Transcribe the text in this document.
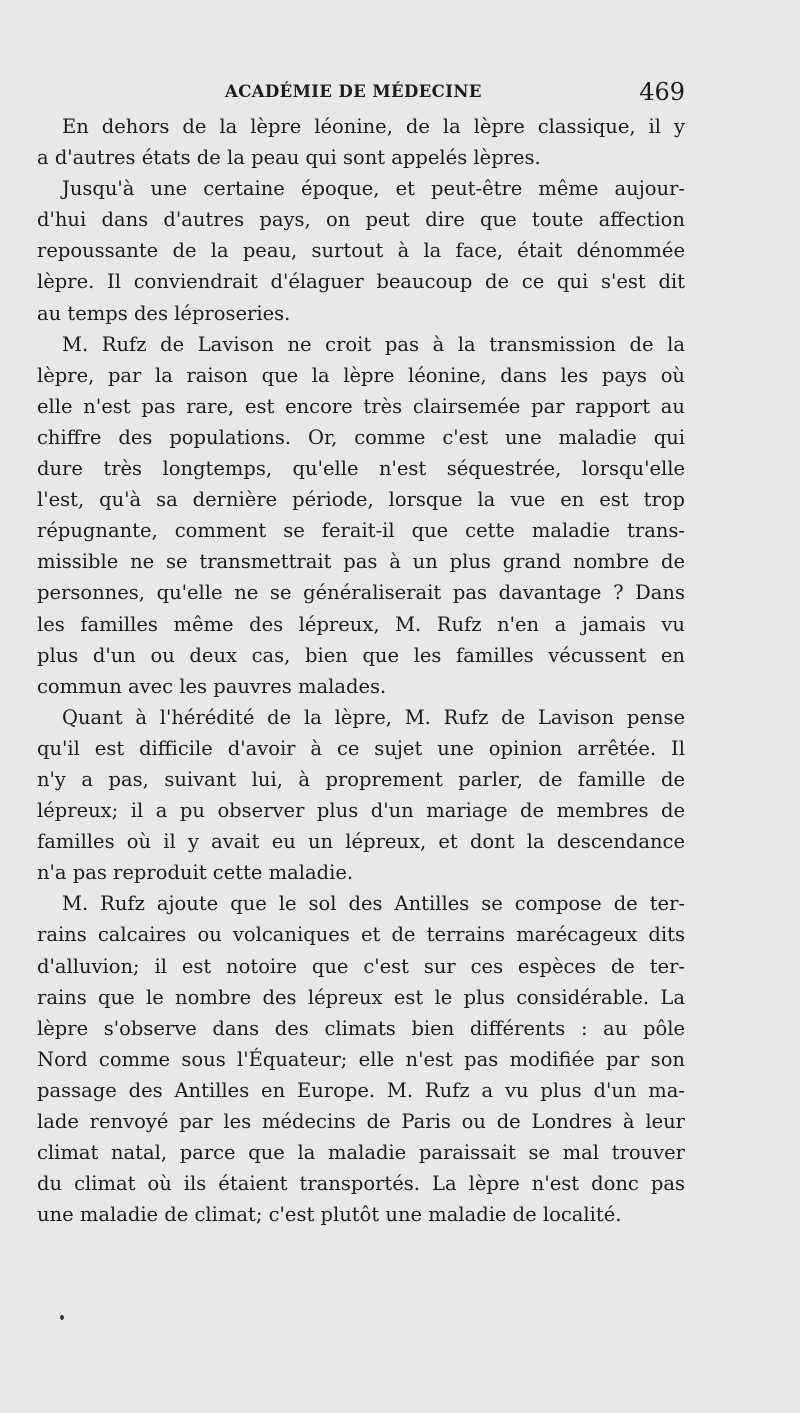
ACADÉMIE DE MÉDECINE	469
En dehors de la lèpre léonine, de la lèpre classique, il y
a d'autres états de la peau qui sont appelés lèpres.
Jusqu'à une certaine époque, et peut-être même aujour-
d'hui dans d'autres pays, on peut dire que toute affection
repoussante de la peau, surtout à la face, était dénommée
lèpre. Il conviendrait d'élaguer beaucoup de ce qui s'est dit
au temps des léproseries.
M. Rufz de Lavison ne croit pas à la transmission de la
lèpre, par la raison que la lèpre léonine, dans les pays où
elle n'est pas rare, est encore très clairsemée par rapport au
chiffre des populations. Or, comme c'est une maladie qui
dure très longtemps, qu'elle n'est séquestrée, lorsqu'elle
l'est, qu'à sa dernière période, lorsque la vue en est trop
répugnante, comment se ferait-il que cette maladie trans-
missible ne se transmettrait pas à un plus grand nombre de
personnes, qu'elle ne se généraliserait pas davantage ? Dans
les familles même des lépreux, M. Rufz n'en a jamais vu
plus d'un ou deux cas, bien que les familles vécussent en
commun avec les pauvres malades.
Quant à l'hérédité de la lèpre, M. Rufz de Lavison pense
qu'il est difficile d'avoir à ce sujet une opinion arrêtée. Il
n'y a pas, suivant lui, à proprement parler, de famille de
lépreux; il a pu observer plus d'un mariage de membres de
familles où il y avait eu un lépreux, et dont la descendance
n'a pas reproduit cette maladie.
M. Rufz ajoute que le sol des Antilles se compose de ter-
rains calcaires ou volcaniques et de terrains marécageux dits
d'alluvion; il est notoire que c'est sur ces espèces de ter-
rains que le nombre des lépreux est le plus considérable. La
lèpre s'observe dans des climats bien différents : au pôle
Nord comme sous l'Équateur; elle n'est pas modifiée par son
passage des Antilles en Europe. M. Rufz a vu plus d'un ma-
lade renvoyé par les médecins de Paris ou de Londres à leur
climat natal, parce que la maladie paraissait se mal trouver
du climat où ils étaient transportés. La lèpre n'est donc pas
une maladie de climat; c'est plutôt une maladie de localité.
